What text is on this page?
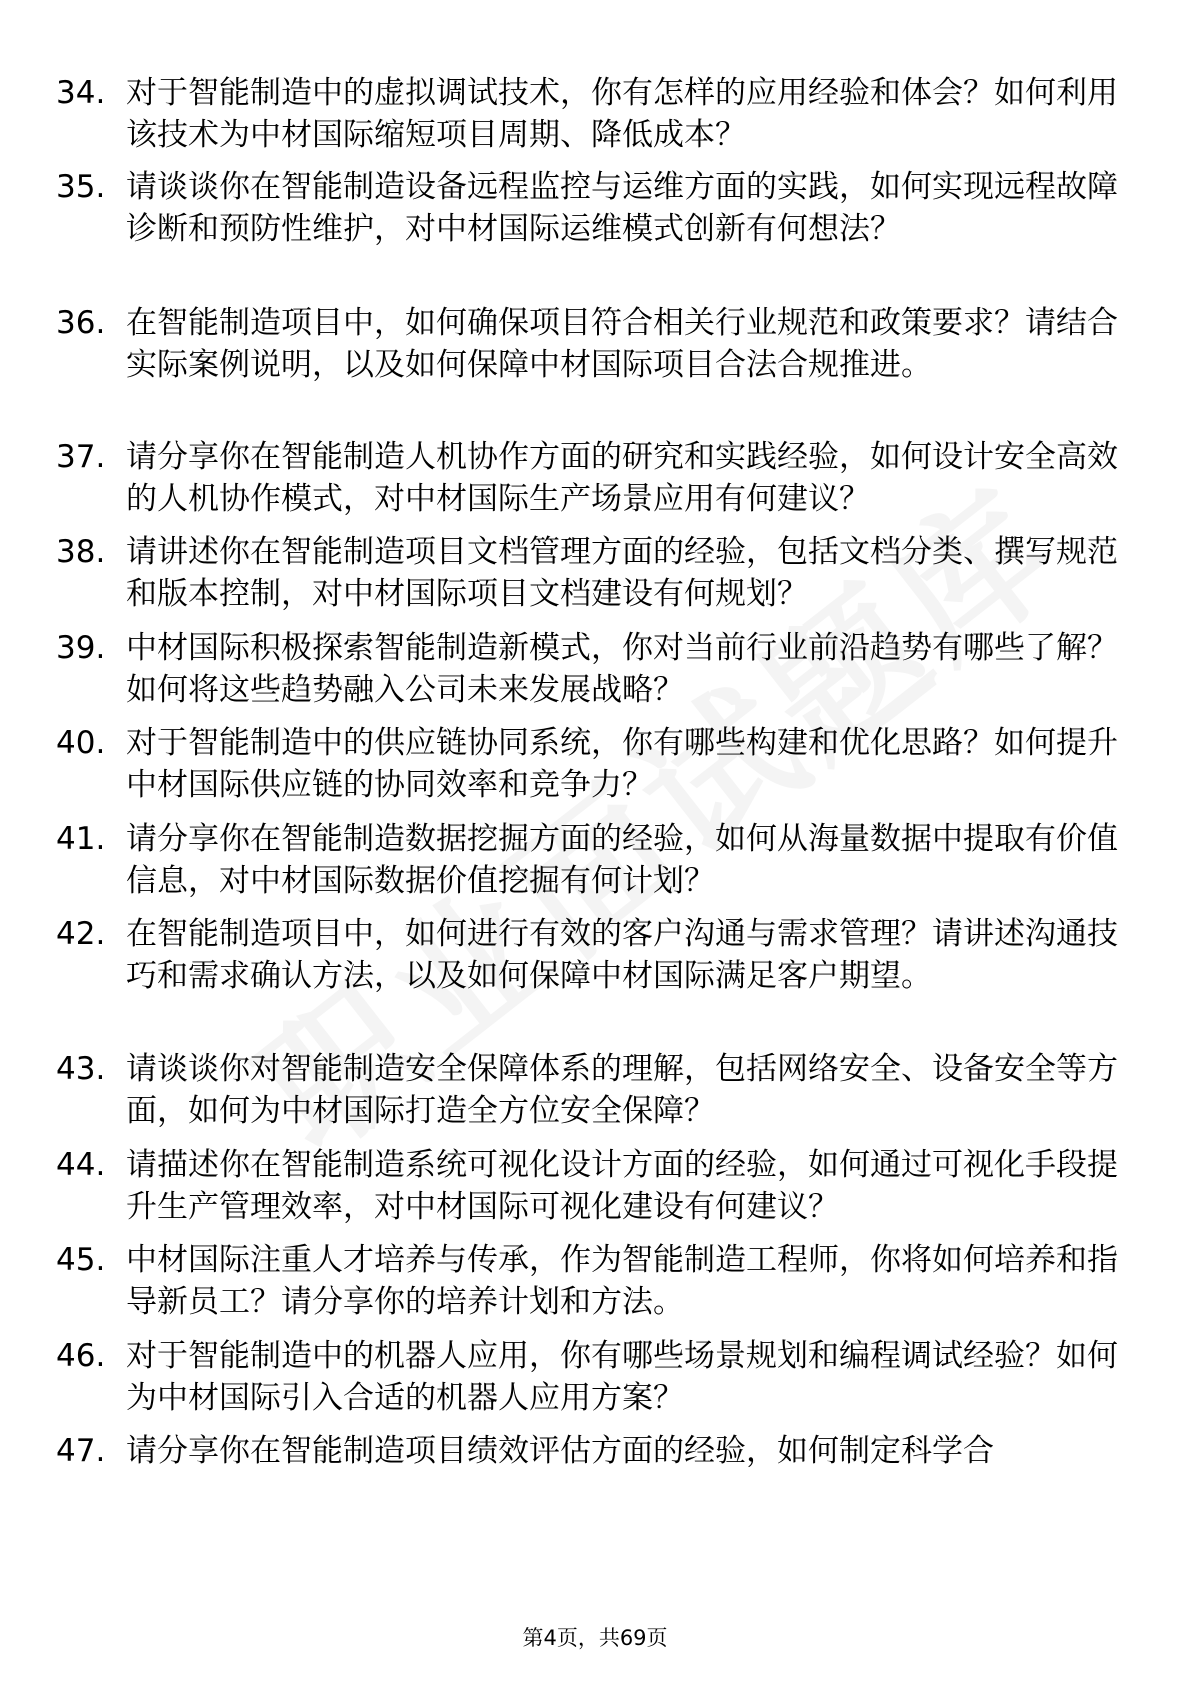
34. 对于智能制造中的虚拟调试技术，你有怎样的应用经验和体会？如何利用该技术为中材国际缩短项目周期、降低成本？
35. 请谈谈你在智能制造设备远程监控与运维方面的实践，如何实现远程故障诊断和预防性维护，对中材国际运维模式创新有何想法？
36. 在智能制造项目中，如何确保项目符合相关行业规范和政策要求？请结合实际案例说明，以及如何保障中材国际项目合法合规推进。
37. 请分享你在智能制造人机协作方面的研究和实践经验，如何设计安全高效的人机协作模式，对中材国际生产场景应用有何建议？
38. 请讲述你在智能制造项目文档管理方面的经验，包括文档分类、撰写规范和版本控制，对中材国际项目文档建设有何规划？
39. 中材国际积极探索智能制造新模式，你对当前行业前沿趋势有哪些了解？如何将这些趋势融入公司未来发展战略？
40. 对于智能制造中的供应链协同系统，你有哪些构建和优化思路？如何提升中材国际供应链的协同效率和竞争力？
41. 请分享你在智能制造数据挖掘方面的经验，如何从海量数据中提取有价值信息，对中材国际数据价值挖掘有何计划？
42. 在智能制造项目中，如何进行有效的客户沟通与需求管理？请讲述沟通技巧和需求确认方法，以及如何保障中材国际满足客户期望。
43. 请谈谈你对智能制造安全保障体系的理解，包括网络安全、设备安全等方面，如何为中材国际打造全方位安全保障？
44. 请描述你在智能制造系统可视化设计方面的经验，如何通过可视化手段提升生产管理效率，对中材国际可视化建设有何建议？
45. 中材国际注重人才培养与传承，作为智能制造工程师，你将如何培养和指导新员工？请分享你的培养计划和方法。
46. 对于智能制造中的机器人应用，你有哪些场景规划和编程调试经验？如何为中材国际引入合适的机器人应用方案？
47. 请分享你在智能制造项目绩效评估方面的经验，如何制定科学合
第4页，共69页
